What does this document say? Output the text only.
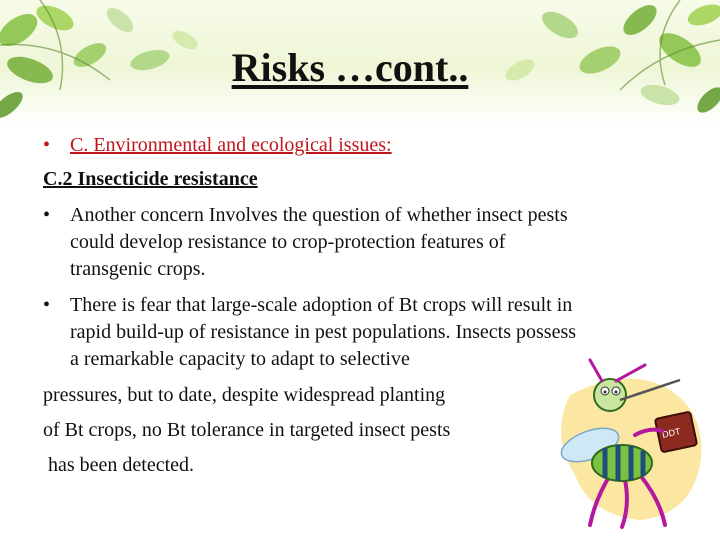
Risks …cont..
• C. Environmental and ecological issues:
C.2 Insecticide resistance
• Another concern Involves the question of whether insect pests
could develop resistance to crop-protection features of
transgenic crops.
• There is fear that large-scale adoption of Bt crops will result in
rapid build-up of resistance in pest populations. Insects possess
a remarkable capacity to adapt to selective
pressures, but to date, despite widespread planting
of Bt crops, no Bt tolerance in targeted insect pests
has been detected.
DDT
